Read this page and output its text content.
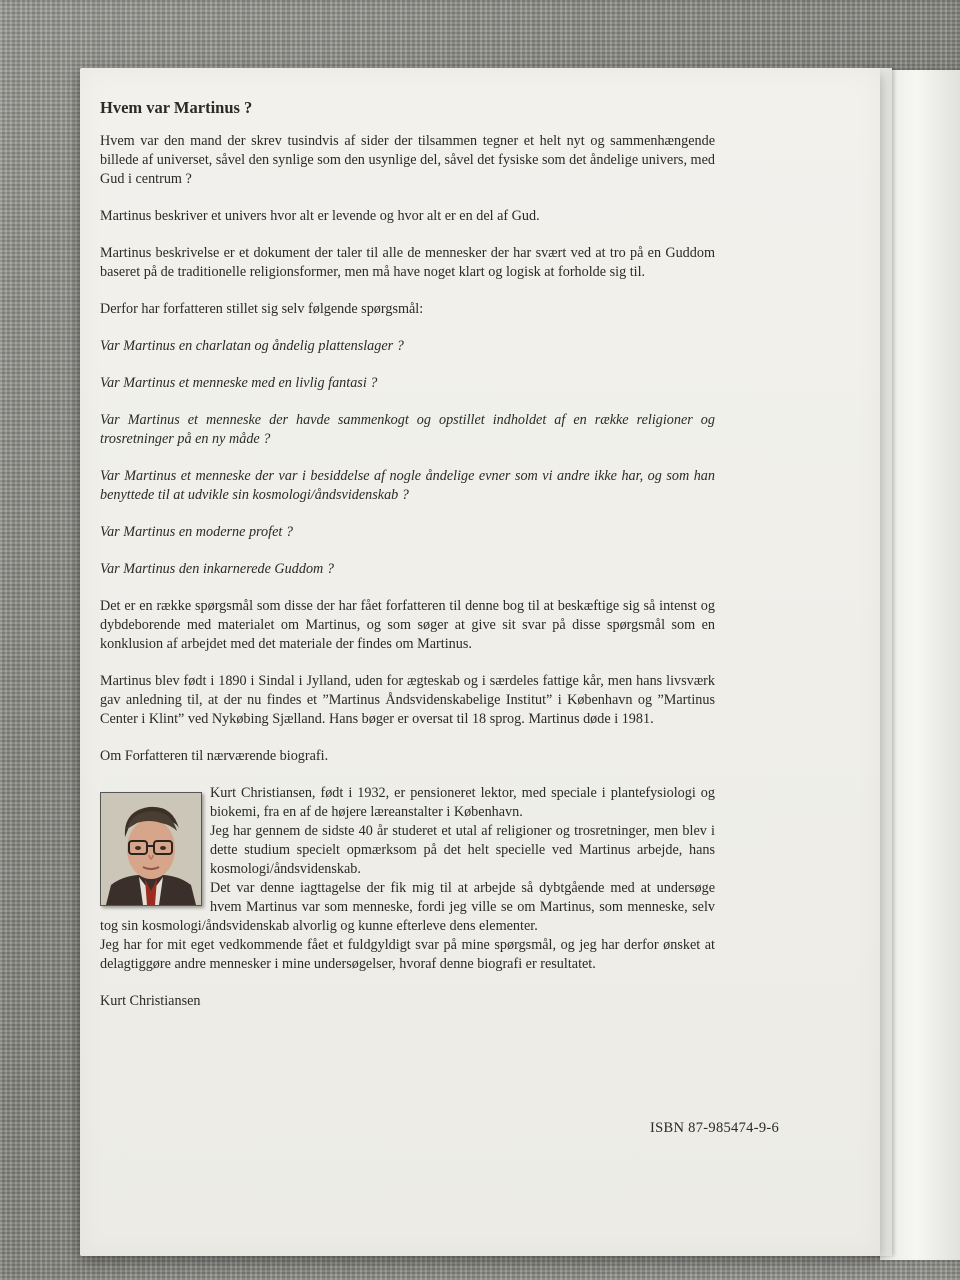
Hvem var Martinus ?

Hvem var den mand der skrev tusindvis af sider der tilsammen tegner et helt nyt og sammenhængende billede af universet, såvel den synlige som den usynlige del, såvel det fysiske som det åndelige univers, med Gud i centrum ?

Martinus beskriver et univers hvor alt er levende og hvor alt er en del af Gud.

Martinus beskrivelse er et dokument der taler til alle de mennesker der har svært ved at tro på en Guddom baseret på de traditionelle religionsformer, men må have noget klart og logisk at forholde sig til.

Derfor har forfatteren stillet sig selv følgende spørgsmål:

Var Martinus en charlatan og åndelig plattenslager ?

Var Martinus et menneske med en livlig fantasi ?

Var Martinus et menneske der havde sammenkogt og opstillet indholdet af en række religioner og trosretninger på en ny måde ?

Var Martinus et menneske der var i besiddelse af nogle åndelige evner som vi andre ikke har, og som han benyttede til at udvikle sin kosmologi/åndsvidenskab ?

Var Martinus en moderne profet ?

Var Martinus den inkarnerede Guddom ?

Det er en række spørgsmål som disse der har fået forfatteren til denne bog til at beskæftige sig så intenst og dybdeborende med materialet om Martinus, og som søger at give sit svar på disse spørgsmål som en konklusion af arbejdet med det materiale der findes om Martinus.

Martinus blev født i 1890 i Sindal i Jylland, uden for ægteskab og i særdeles fattige kår, men hans livsværk gav anledning til, at der nu findes et ”Martinus Åndsvidenskabelige Institut” i København og ”Martinus Center i Klint” ved Nykøbing Sjælland. Hans bøger er oversat til 18 sprog. Martinus døde i 1981.

Om Forfatteren til nærværende biografi.

Kurt Christiansen, født i 1932, er pensioneret lektor, med speciale i plantefysiologi og biokemi, fra en af de højere læreanstalter i København.
Jeg har gennem de sidste 40 år studeret et utal af religioner og trosretninger, men blev i dette studium specielt opmærksom på det helt specielle ved Martinus arbejde, hans kosmologi/åndsvidenskab.
Det var denne iagttagelse der fik mig til at arbejde så dybtgående med at undersøge hvem Martinus var som menneske, fordi jeg ville se om Martinus, som menneske, selv tog sin kosmologi/åndsvidenskab alvorlig og kunne efterleve dens elementer.
Jeg har for mit eget vedkommende fået et fuldgyldigt svar på mine spørgsmål, og jeg har derfor ønsket at delagtiggøre andre mennesker i mine undersøgelser, hvoraf denne biografi er resultatet.

Kurt Christiansen
ISBN 87-985474-9-6
